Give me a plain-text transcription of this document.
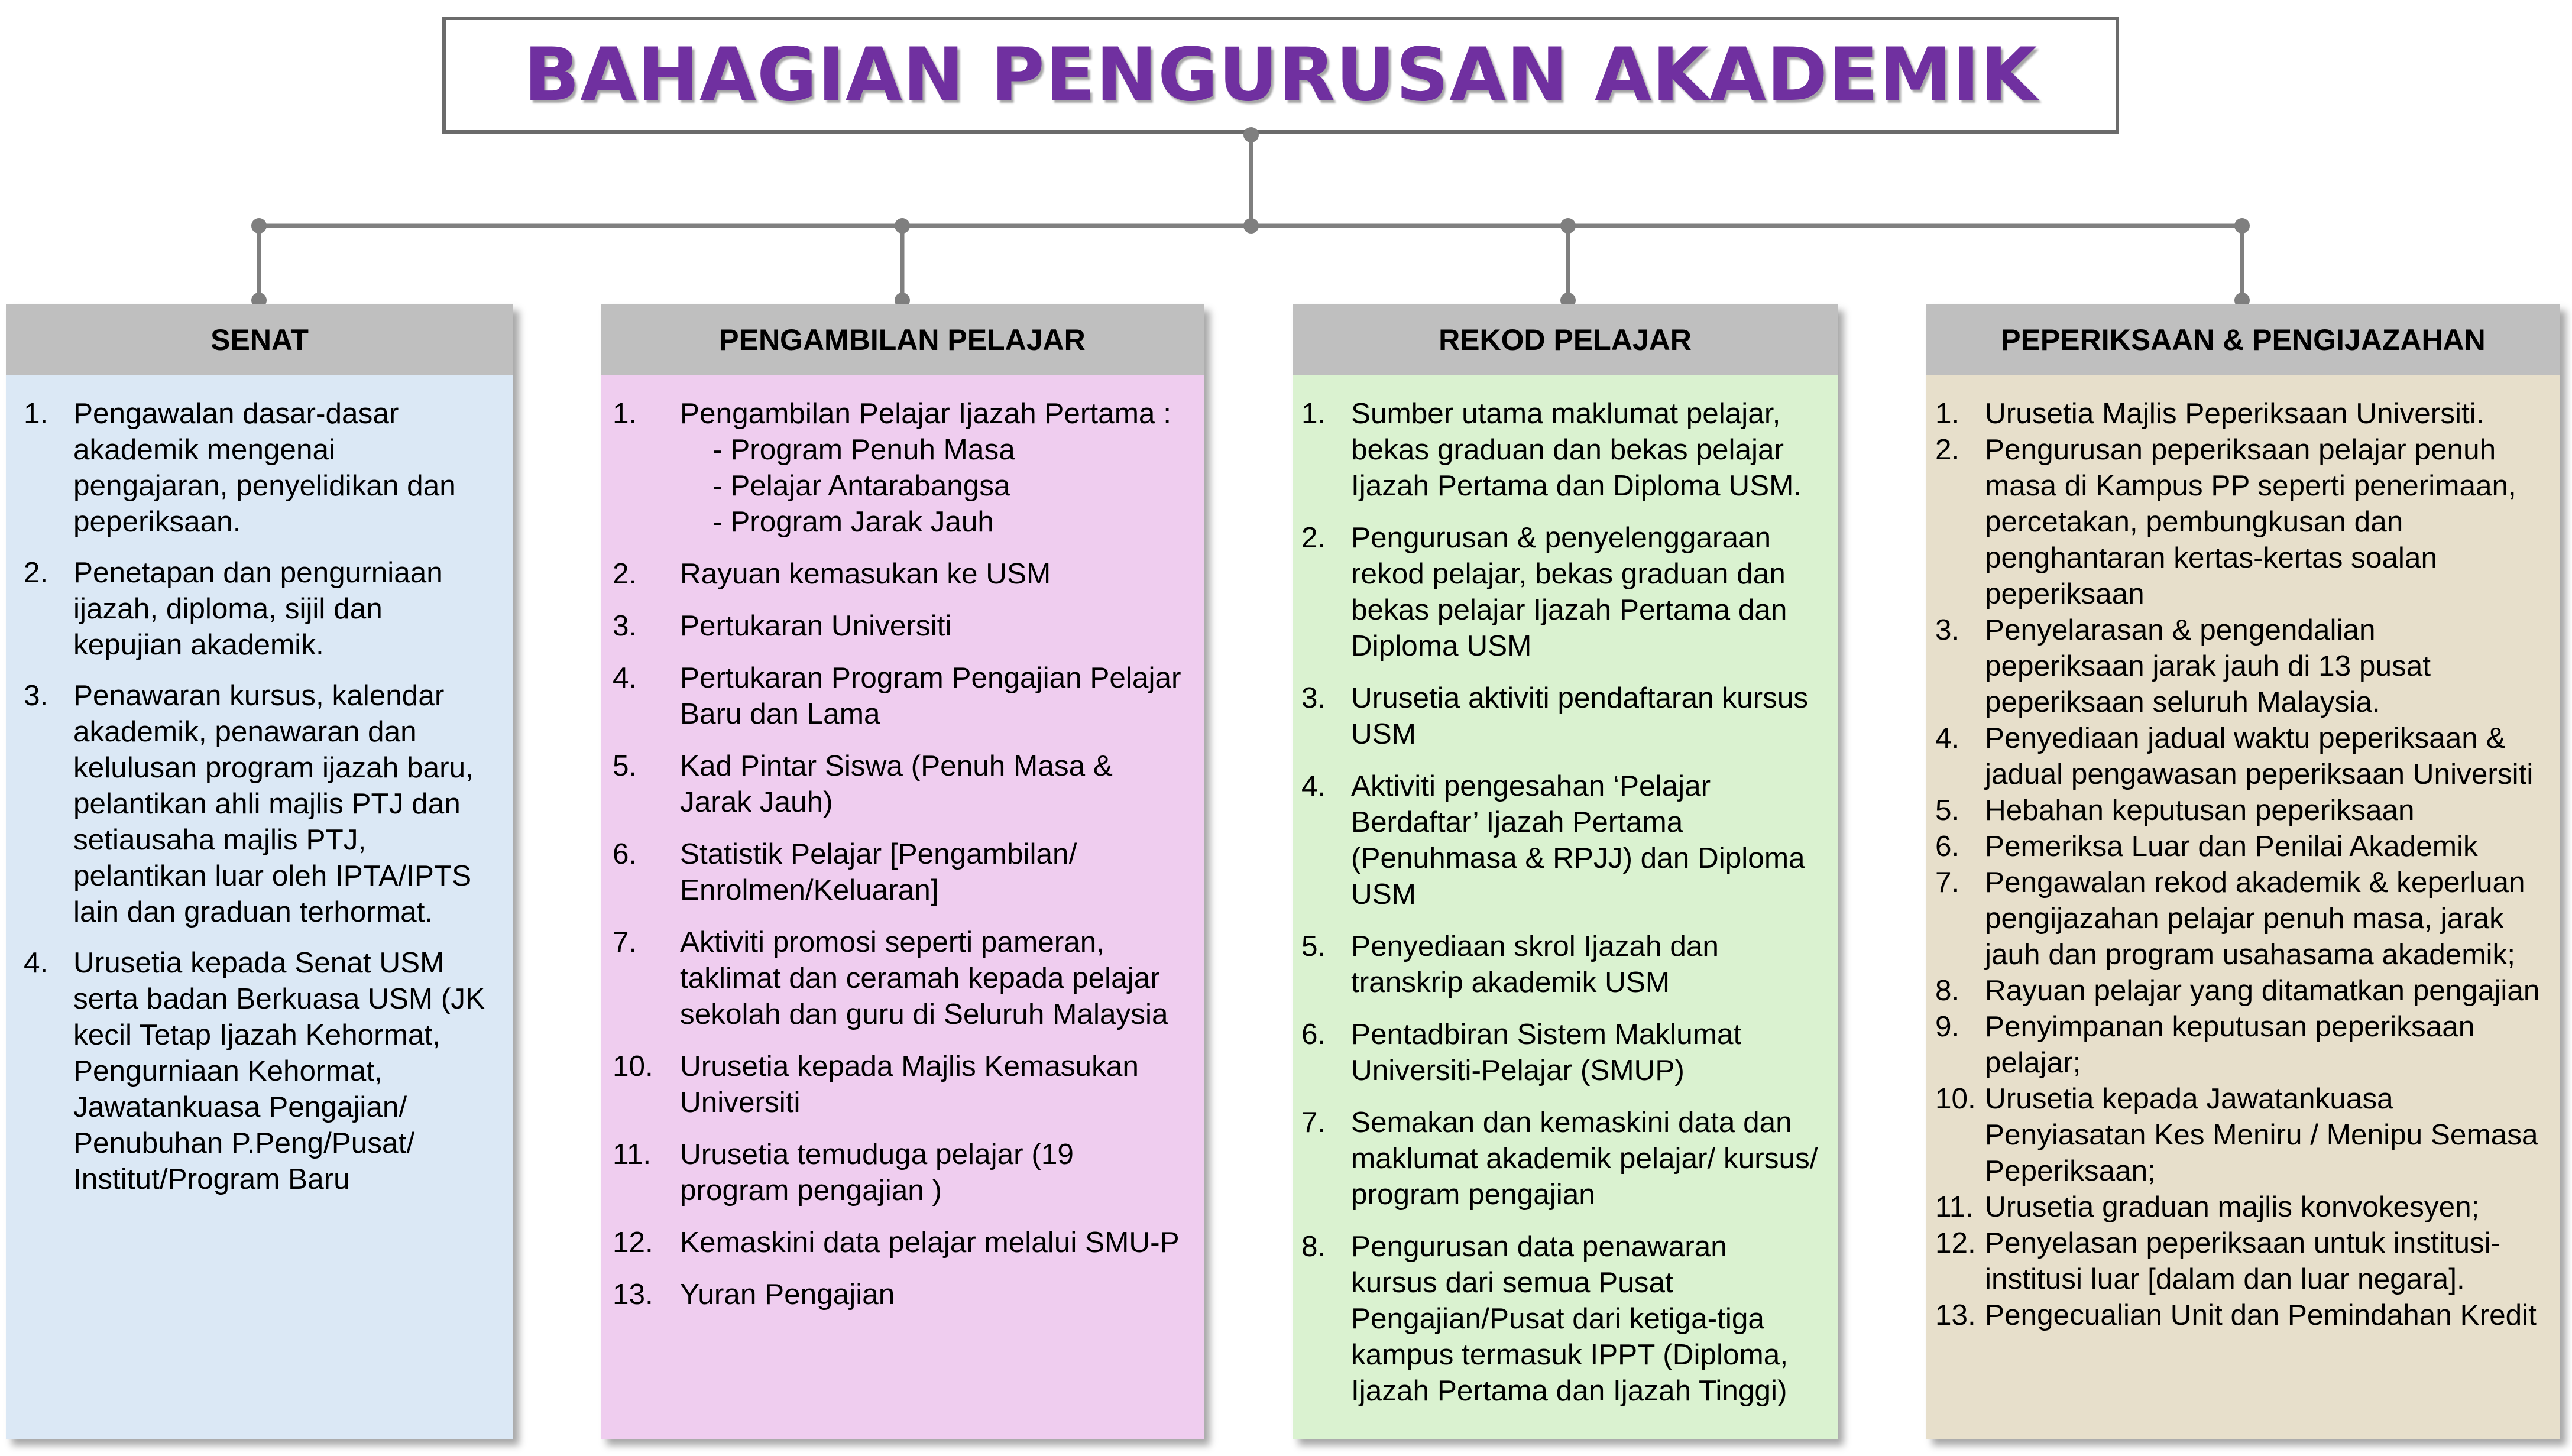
BAHAGIAN PENGURUSAN AKADEMIK
SENAT
1. Pengawalan dasar-dasar akademik mengenai pengajaran, penyelidikan dan peperiksaan.
2. Penetapan dan pengurniaan ijazah, diploma, sijil dan kepujian akademik.
3. Penawaran kursus, kalendar akademik, penawaran dan kelulusan program ijazah baru, pelantikan ahli majlis PTJ dan setiausaha majlis PTJ, pelantikan luar oleh IPTA/IPTS lain dan graduan terhormat.
4. Urusetia kepada Senat USM serta badan Berkuasa USM (JK kecil Tetap Ijazah Kehormat, Pengurniaan Kehormat, Jawatankuasa Pengajian/ Penubuhan P.Peng/Pusat/ Institut/Program Baru
PENGAMBILAN PELAJAR
1.	Pengambilan Pelajar Ijazah Pertama :
- Program Penuh Masa
- Pelajar Antarabangsa
- Program Jarak Jauh
2.	Rayuan kemasukan ke USM
3.	Pertukaran Universiti
4.	Pertukaran Program Pengajian Pelajar Baru dan Lama
5.	Kad Pintar Siswa (Penuh Masa & Jarak Jauh)
6.	Statistik Pelajar [Pengambilan/ Enrolmen/Keluaran]
7.	Aktiviti promosi seperti pameran, taklimat dan ceramah kepada pelajar sekolah dan guru di Seluruh Malaysia
10. Urusetia kepada Majlis Kemasukan Universiti
11. Urusetia temuduga pelajar (19 program pengajian )
12. Kemaskini data pelajar melalui SMU-P
13. Yuran Pengajian
REKOD PELAJAR
1. Sumber utama maklumat pelajar, bekas graduan dan bekas pelajar Ijazah Pertama dan Diploma USM.
2. Pengurusan & penyelenggaraan rekod pelajar, bekas graduan dan bekas pelajar Ijazah Pertama dan Diploma USM
3. Urusetia aktiviti pendaftaran kursus USM
4. Aktiviti pengesahan ‘Pelajar Berdaftar’ Ijazah Pertama (Penuhmasa & RPJJ) dan Diploma USM
5. Penyediaan skrol Ijazah dan transkrip akademik USM
6. Pentadbiran Sistem Maklumat Universiti-Pelajar (SMUP)
7. Semakan dan kemaskini data dan maklumat akademik pelajar/ kursus/ program pengajian
8. Pengurusan data penawaran kursus dari semua Pusat Pengajian/Pusat dari ketiga-tiga kampus termasuk IPPT (Diploma, Ijazah Pertama dan Ijazah Tinggi)
PEPERIKSAAN & PENGIJAZAHAN
1. Urusetia Majlis Peperiksaan Universiti.
2. Pengurusan peperiksaan pelajar penuh masa di Kampus PP seperti penerimaan, percetakan, pembungkusan dan penghantaran kertas-kertas soalan peperiksaan
3. Penyelarasan & pengendalian peperiksaan jarak jauh di 13 pusat peperiksaan seluruh Malaysia.
4. Penyediaan jadual waktu peperiksaan & jadual pengawasan peperiksaan Universiti
5. Hebahan keputusan peperiksaan
6. Pemeriksa Luar dan Penilai Akademik
7. Pengawalan rekod akademik & keperluan pengijazahan pelajar penuh masa, jarak jauh dan program usahasama akademik;
8. Rayuan pelajar yang ditamatkan pengajian
9. Penyimpanan keputusan peperiksaan pelajar;
10. Urusetia kepada Jawatankuasa Penyiasatan Kes Meniru / Menipu Semasa Peperiksaan;
11. Urusetia graduan majlis konvokesyen;
12. Penyelasan peperiksaan untuk institusi-institusi luar [dalam dan luar negara].
13. Pengecualian Unit dan Pemindahan Kredit
